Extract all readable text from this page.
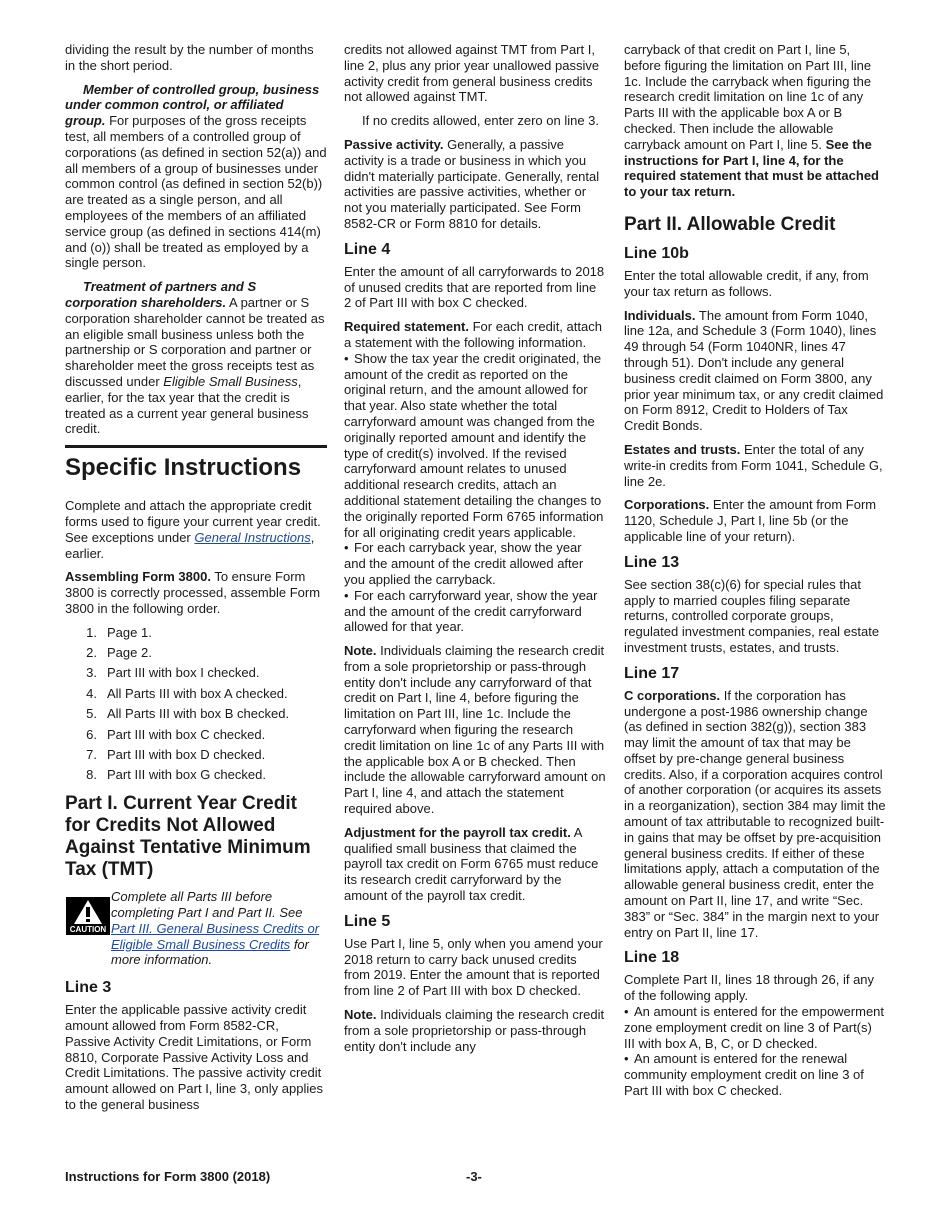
dividing the result by the number of months in the short period.

Member of controlled group, business under common control, or affiliated group. For purposes of the gross receipts test, all members of a controlled group of corporations (as defined in section 52(a)) and all members of a group of businesses under common control (as defined in section 52(b)) are treated as a single person, and all employees of the members of an affiliated service group (as defined in sections 414(m) and (o)) shall be treated as employed by a single person.

Treatment of partners and S corporation shareholders. A partner or S corporation shareholder cannot be treated as an eligible small business unless both the partnership or S corporation and partner or shareholder meet the gross receipts test as discussed under Eligible Small Business, earlier, for the tax year that the credit is treated as a current year general business credit.

Specific Instructions

Complete and attach the appropriate credit forms used to figure your current year credit. See exceptions under General Instructions, earlier.

Assembling Form 3800. To ensure Form 3800 is correctly processed, assemble Form 3800 in the following order.

1. Page 1.
2. Page 2.
3. Part III with box I checked.
4. All Parts III with box A checked.
5. All Parts III with box B checked.
6. Part III with box C checked.
7. Part III with box D checked.
8. Part III with box G checked.
Part I. Current Year Credit for Credits Not Allowed Against Tentative Minimum Tax (TMT)
CAUTION
Complete all Parts III before completing Part I and Part II. See Part III. General Business Credits or Eligible Small Business Credits for more information.
Line 3

Enter the applicable passive activity credit amount allowed from Form 8582-CR, Passive Activity Credit Limitations, or Form 8810, Corporate Passive Activity Loss and Credit Limitations. The passive activity credit amount allowed on Part I, line 3, only applies to the general business

credits not allowed against TMT from Part I, line 2, plus any prior year unallowed passive activity credit from general business credits not allowed against TMT.

If no credits allowed, enter zero on line 3.

Passive activity. Generally, a passive activity is a trade or business in which you didn't materially participate. Generally, rental activities are passive activities, whether or not you materially participated. See Form 8582-CR or Form 8810 for details.

Line 4

Enter the amount of all carryforwards to 2018 of unused credits that are reported from line 2 of Part III with box C checked.

Required statement. For each credit, attach a statement with the following information.

• Show the tax year the credit originated, the amount of the credit as reported on the original return, and the amount allowed for that year. Also state whether the total carryforward amount was changed from the originally reported amount and identify the type of credit(s) involved. If the revised carryforward amount relates to unused additional research credits, attach an additional statement detailing the changes to the originally reported Form 6765 information for all originating credit years applicable.

• For each carryback year, show the year and the amount of the credit allowed after you applied the carryback.

• For each carryforward year, show the year and the amount of the credit carryforward allowed for that year.

Note. Individuals claiming the research credit from a sole proprietorship or pass-through entity don't include any carryforward of that credit on Part I, line 4, before figuring the limitation on Part III, line 1c. Include the carryforward when figuring the research credit limitation on line 1c of any Parts III with the applicable box A or B checked. Then include the allowable carryforward amount on Part I, line 4, and attach the statement required above.

Adjustment for the payroll tax credit. A qualified small business that claimed the payroll tax credit on Form 6765 must reduce its research credit carryforward by the amount of the payroll tax credit.

Line 5

Use Part I, line 5, only when you amend your 2018 return to carry back unused credits from 2019. Enter the amount that is reported from line 2 of Part III with box D checked.

Note. Individuals claiming the research credit from a sole proprietorship or pass-through entity don't include any

carryback of that credit on Part I, line 5, before figuring the limitation on Part III, line 1c. Include the carryback when figuring the research credit limitation on line 1c of any Parts III with the applicable box A or B checked. Then include the allowable carryback amount on Part I, line 5. See the instructions for Part I, line 4, for the required statement that must be attached to your tax return.

Part II. Allowable Credit
Line 10b

Enter the total allowable credit, if any, from your tax return as follows.

Individuals. The amount from Form 1040, line 12a, and Schedule 3 (Form 1040), lines 49 through 54 (Form 1040NR, lines 47 through 51). Don't include any general business credit claimed on Form 3800, any prior year minimum tax, or any credit claimed on Form 8912, Credit to Holders of Tax Credit Bonds.

Estates and trusts. Enter the total of any write-in credits from Form 1041, Schedule G, line 2e.

Corporations. Enter the amount from Form 1120, Schedule J, Part I, line 5b (or the applicable line of your return).

Line 13

See section 38(c)(6) for special rules that apply to married couples filing separate returns, controlled corporate groups, regulated investment companies, real estate investment trusts, estates, and trusts.

Line 17

C corporations. If the corporation has undergone a post-1986 ownership change (as defined in section 382(g)), section 383 may limit the amount of tax that may be offset by pre-change general business credits. Also, if a corporation acquires control of another corporation (or acquires its assets in a reorganization), section 384 may limit the amount of tax attributable to recognized built-in gains that may be offset by pre-acquisition general business credits. If either of these limitations apply, attach a computation of the allowable general business credit, enter the amount on Part II, line 17, and write “Sec. 383” or “Sec. 384” in the margin next to your entry on Part II, line 17.

Line 18

Complete Part II, lines 18 through 26, if any of the following apply.

• An amount is entered for the empowerment zone employment credit on line 3 of Part(s) III with box A, B, C, or D checked.

• An amount is entered for the renewal community employment credit on line 3 of Part III with box C checked.

Instructions for Form 3800 (2018)	-3-
